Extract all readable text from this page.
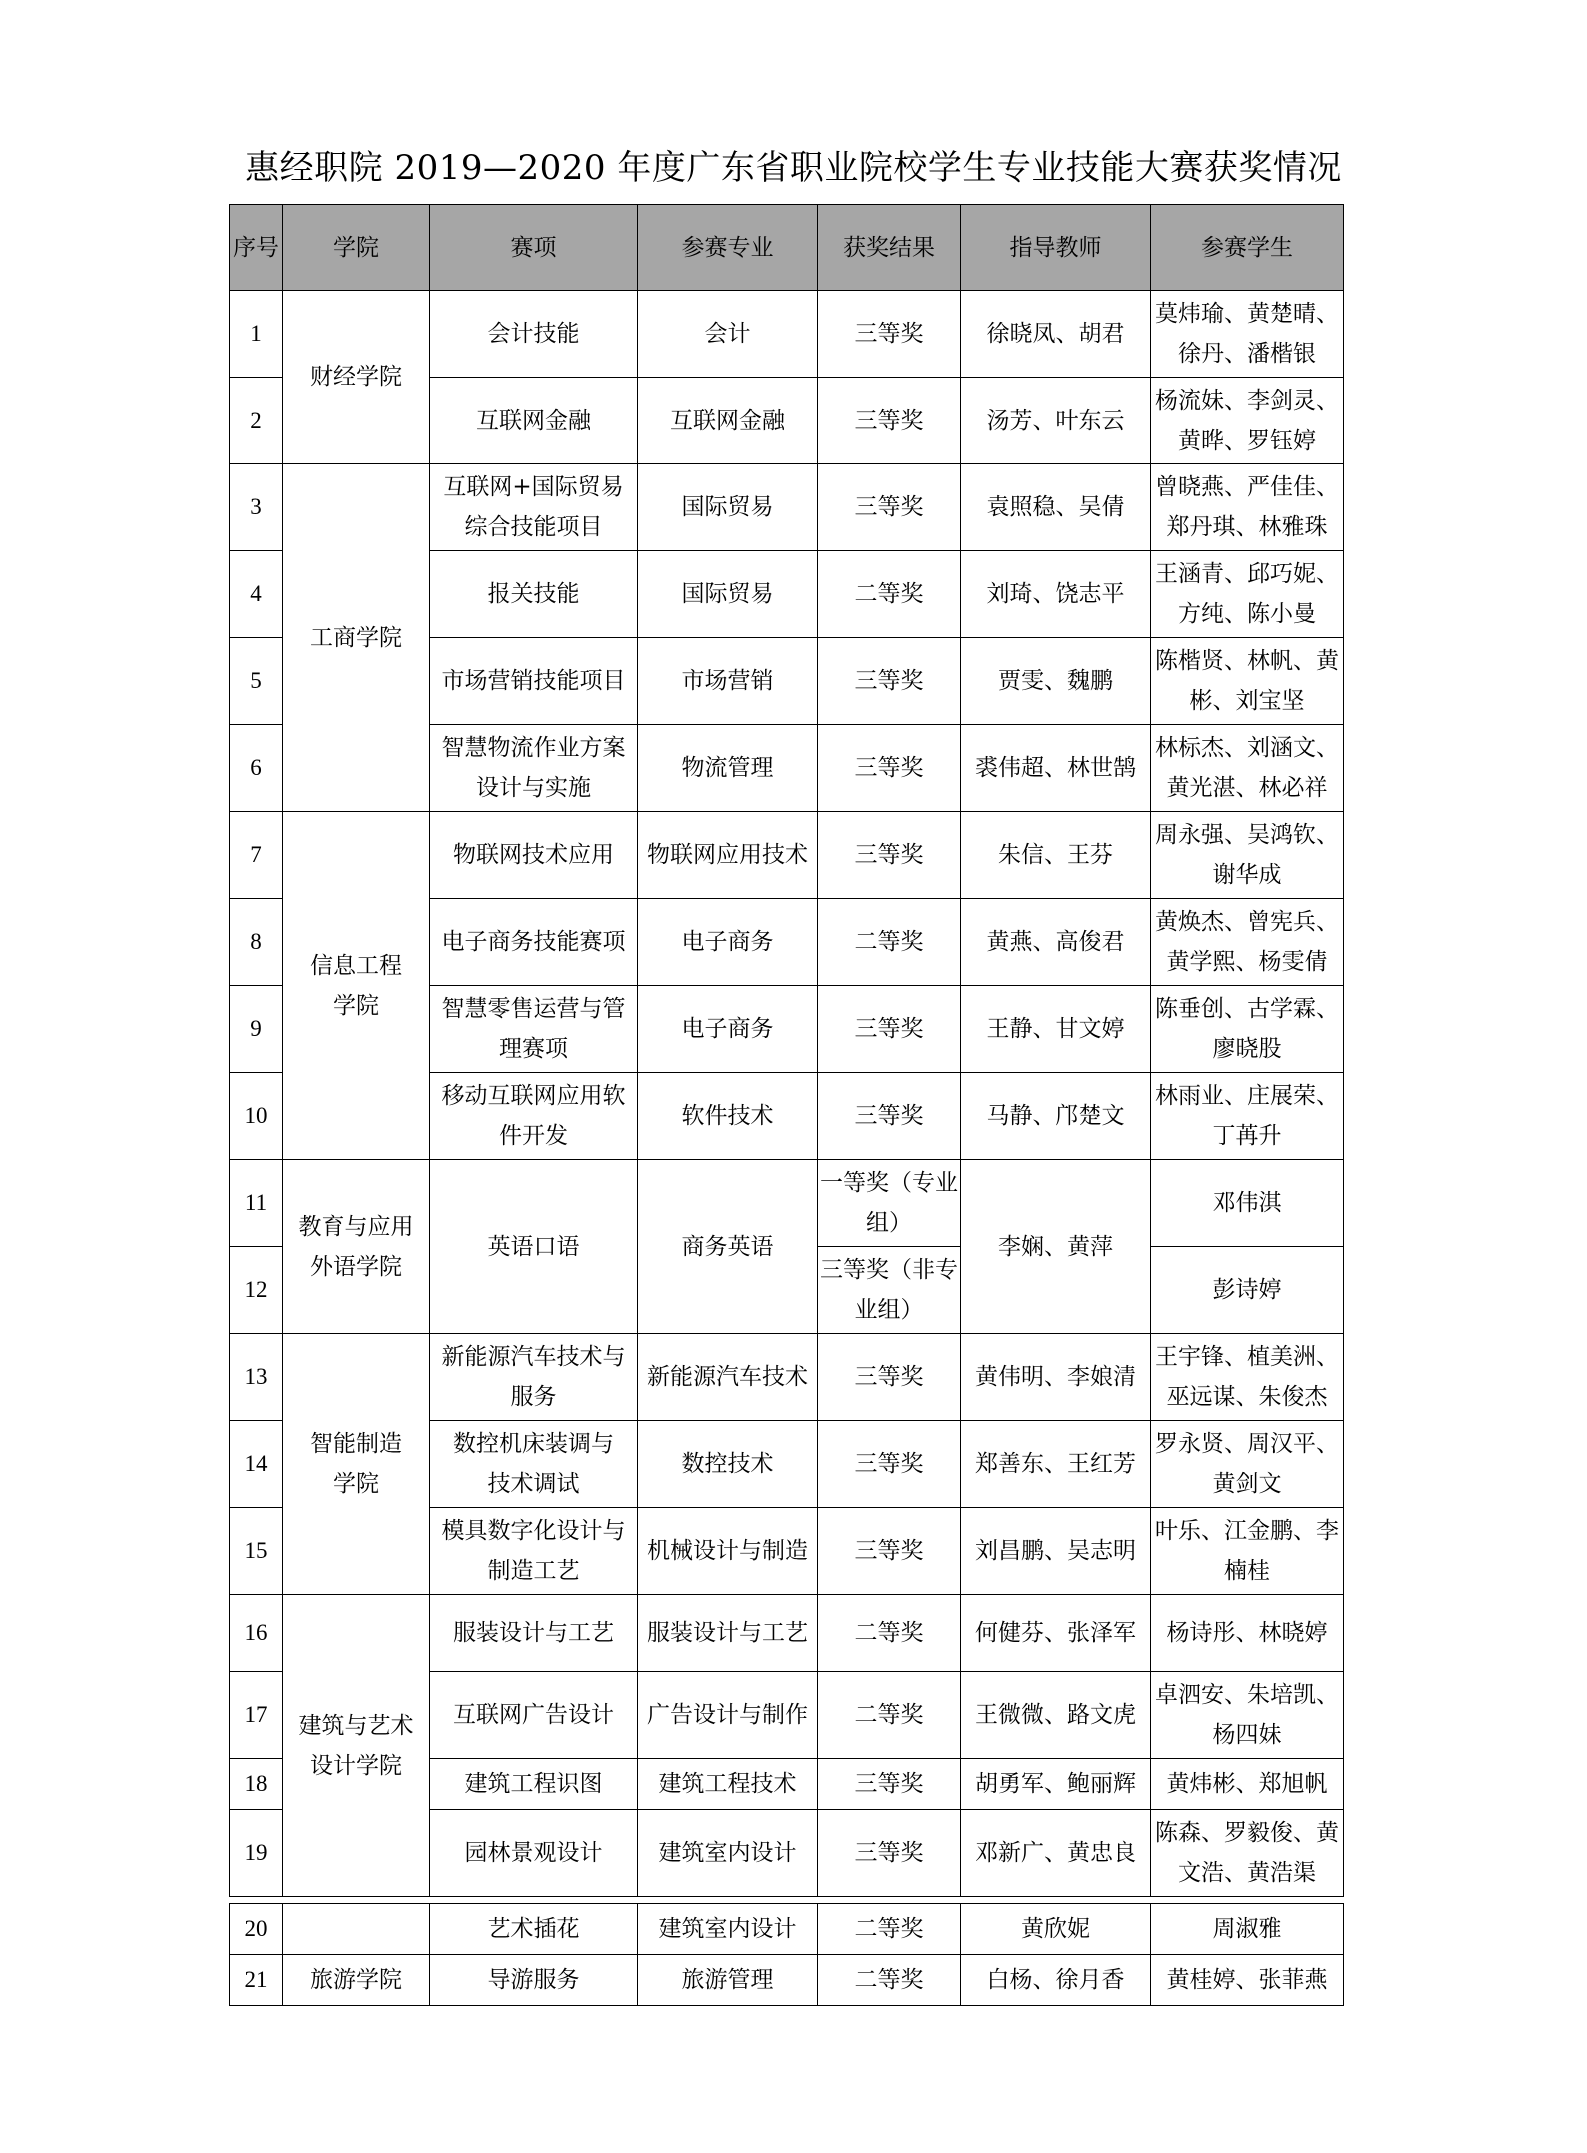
惠经职院 2019—2020 年度广东省职业院校学生专业技能大赛获奖情况
序号	学院	赛项	参赛专业	获奖结果	指导教师	参赛学生
1	财经学院	会计技能	会计	三等奖	徐晓凤、胡君	莫炜瑜、黄楚晴、徐丹、潘楷银
2		互联网金融	互联网金融	三等奖	汤芳、叶东云	杨流妹、李剑灵、黄晔、罗钰婷
3	工商学院	互联网+国际贸易综合技能项目	国际贸易	三等奖	袁照稳、吴倩	曾晓燕、严佳佳、郑丹琪、林雅珠
4		报关技能	国际贸易	二等奖	刘琦、饶志平	王涵青、邱巧妮、方纯、陈小曼
5		市场营销技能项目	市场营销	三等奖	贾雯、魏鹏	陈楷贤、林帆、黄彬、刘宝坚
6		智慧物流作业方案设计与实施	物流管理	三等奖	裘伟超、林世鹄	林标杰、刘涵文、黄光湛、林必祥
7	信息工程学院	物联网技术应用	物联网应用技术	三等奖	朱信、王芬	周永强、吴鸿钦、谢华成
8		电子商务技能赛项	电子商务	二等奖	黄燕、高俊君	黄焕杰、曾宪兵、黄学熙、杨雯倩
9		智慧零售运营与管理赛项	电子商务	三等奖	王静、甘文婷	陈垂创、古学霖、廖晓股
10		移动互联网应用软件开发	软件技术	三等奖	马静、邝楚文	林雨业、庄展荣、丁苒升
11	教育与应用外语学院	英语口语	商务英语	一等奖（专业组）	李娴、黄萍	邓伟淇
12				三等奖（非专业组）		彭诗婷
13	智能制造学院	新能源汽车技术与服务	新能源汽车技术	三等奖	黄伟明、李娘清	王宇锋、植美洲、巫远谋、朱俊杰
14		数控机床装调与技术调试	数控技术	三等奖	郑善东、王红芳	罗永贤、周汉平、黄剑文
15		模具数字化设计与制造工艺	机械设计与制造	三等奖	刘昌鹏、吴志明	叶乐、江金鹏、李楠桂
16	建筑与艺术设计学院	服装设计与工艺	服装设计与工艺	二等奖	何健芬、张泽军	杨诗彤、林晓婷
17		互联网广告设计	广告设计与制作	二等奖	王微微、路文虎	卓泗安、朱培凯、杨四妹
18		建筑工程识图	建筑工程技术	三等奖	胡勇军、鲍丽辉	黄炜彬、郑旭帆
19		园林景观设计	建筑室内设计	三等奖	邓新广、黄忠良	陈森、罗毅俊、黄文浩、黄浩渠

20		艺术插花	建筑室内设计	二等奖	黄欣妮	周淑雅
21	旅游学院	导游服务	旅游管理	二等奖	白杨、徐月香	黄桂婷、张菲燕
